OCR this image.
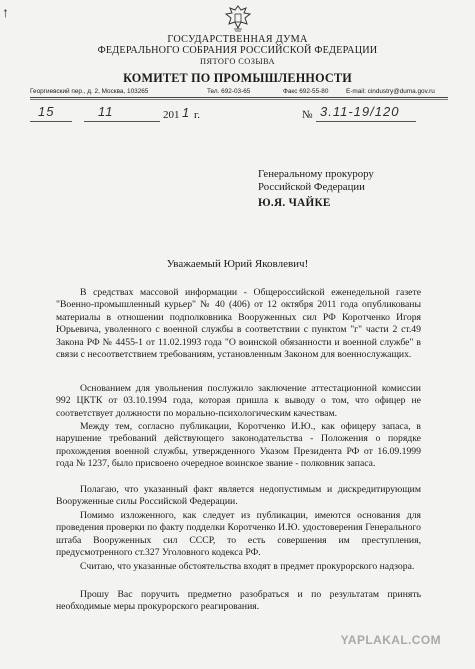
↑
ГОСУДАРСТВЕННАЯ ДУМА
ФЕДЕРАЛЬНОГО СОБРАНИЯ РОССИЙСКОЙ ФЕДЕРАЦИИ
ПЯТОГО СОЗЫВА
КОМИТЕТ ПО ПРОМЫШЛЕННОСТИ
Георгиевский пер., д. 2, Москва, 103265	Тел. 692-03-65	Факс 692-55-80	E-mail: cindustry@duma.gov.ru
15	11	201 1 г.	№ 3.11-19/120
Генеральному прокурору
Российской Федерации
Ю.Я. ЧАЙКЕ
Уважаемый Юрий Яковлевич!
В средствах массовой информации - Общероссийской еженедельной газете "Военно-промышленный курьер" № 40 (406) от 12 октября 2011 года опубликованы материалы в отношении подполковника Вооруженных сил РФ Коротченко Игоря Юрьевича, уволенного с военной службы в соответствии с пунктом "г" части 2 ст.49 Закона РФ № 4455-1 от 11.02.1993 года "О воинской обязанности и военной службе" в связи с несоответствием требованиям, установленным Законом для военнослужащих.
Основанием для увольнения послужило заключение аттестационной комиссии 992 ЦКТК от 03.10.1994 года, которая пришла к выводу о том, что офицер не соответствует должности по морально-психологическим качествам.
Между тем, согласно публикации, Коротченко И.Ю., как офицеру запаса, в нарушение требований действующего законодательства - Положения о порядке прохождения военной службы, утвержденного Указом Президента РФ от 16.09.1999 года № 1237, было присвоено очередное воинское звание - полковник запаса.
Полагаю, что указанный факт является недопустимым и дискредитирующим Вооруженные силы Российской Федерации.
Помимо изложенного, как следует из публикации, имеются основания для проведения проверки по факту подделки Коротченко И.Ю. удостоверения Генерального штаба Вооруженных сил СССР, то есть совершения им преступления, предусмотренного ст.327 Уголовного кодекса РФ.
Считаю, что указанные обстоятельства входят в предмет прокурорского надзора.
Прошу Вас поручить предметно разобраться и по результатам принять необходимые меры прокурорского реагирования.
YAPLAKAL.COM
